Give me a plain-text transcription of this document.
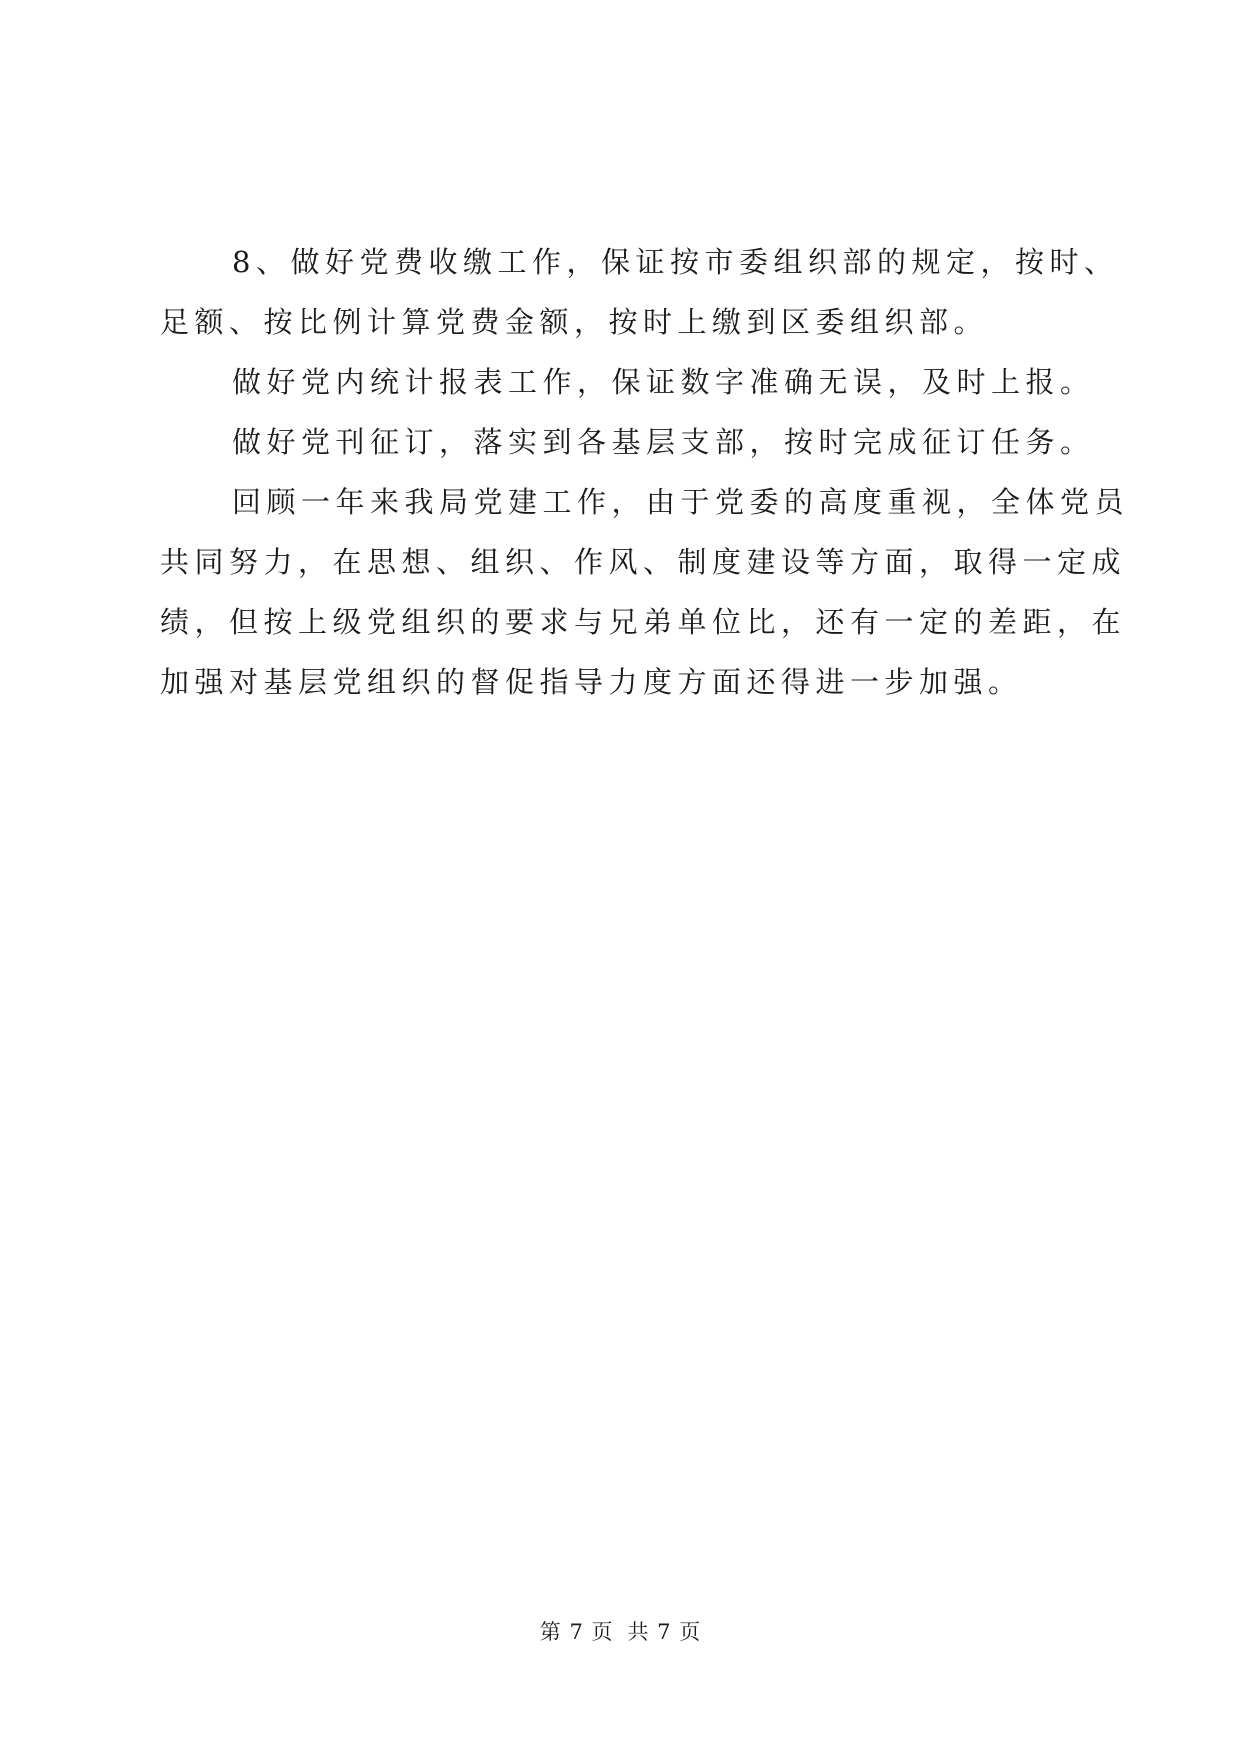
8、做好党费收缴工作，保证按市委组织部的规定，按时、
足额、按比例计算党费金额，按时上缴到区委组织部。
做好党内统计报表工作，保证数字准确无误，及时上报。
做好党刊征订，落实到各基层支部，按时完成征订任务。
回顾一年来我局党建工作，由于党委的高度重视，全体党员
共同努力，在思想、组织、作风、制度建设等方面，取得一定成
绩，但按上级党组织的要求与兄弟单位比，还有一定的差距，在
加强对基层党组织的督促指导力度方面还得进一步加强。
第 7 页 共 7 页
